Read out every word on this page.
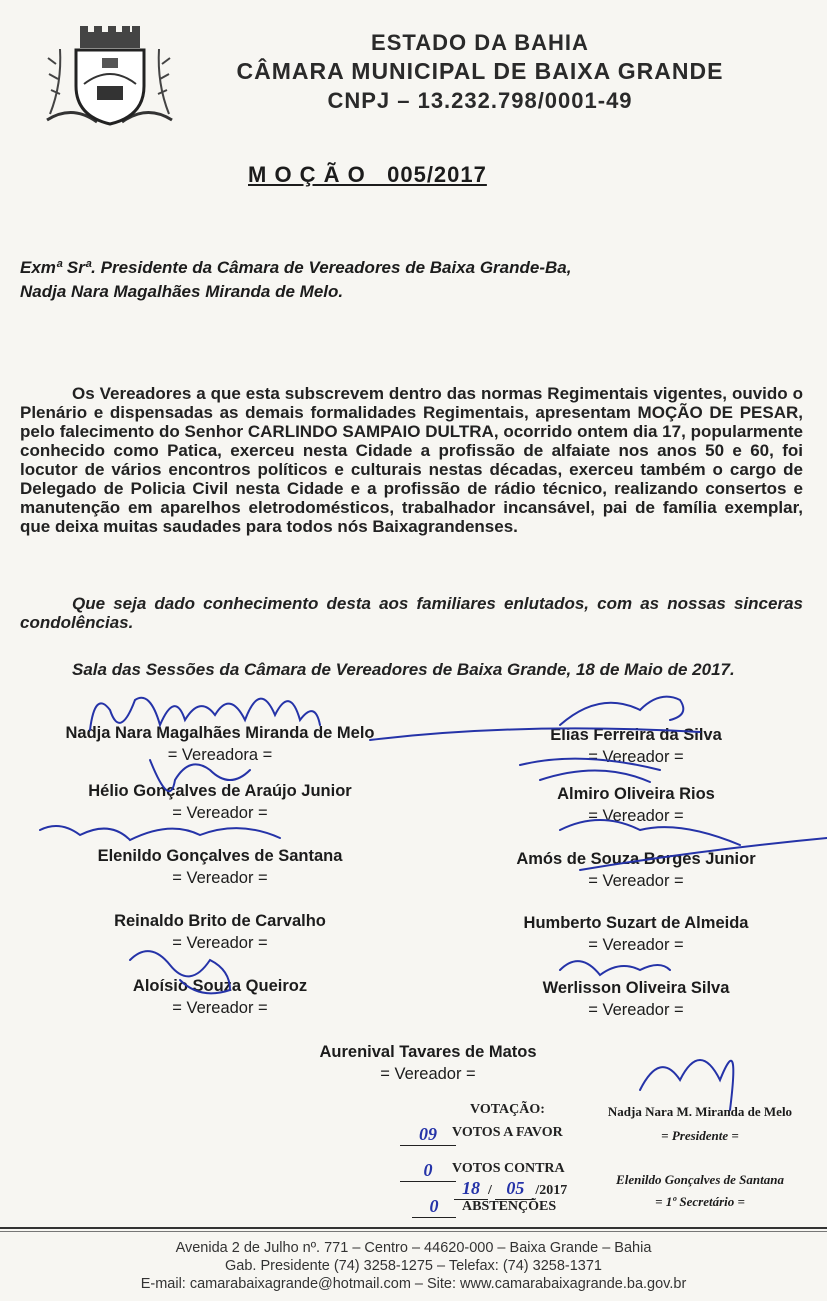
ESTADO DA BAHIA
CÂMARA MUNICIPAL DE BAIXA GRANDE
CNPJ – 13.232.798/0001-49
M O Ç Ã O   005/2017
Exmª Srª. Presidente da Câmara de Vereadores de Baixa Grande-Ba,
Nadja Nara Magalhães Miranda de Melo.
Os Vereadores a que esta subscrevem dentro das normas Regimentais vigentes, ouvido o Plenário e dispensadas as demais formalidades Regimentais, apresentam MOÇÃO DE PESAR, pelo falecimento do Senhor CARLINDO SAMPAIO DULTRA, ocorrido ontem dia 17, popularmente conhecido como Patica, exerceu nesta Cidade a profissão de alfaiate nos anos 50 e 60, foi locutor de vários encontros políticos e culturais nestas décadas, exerceu também o cargo de Delegado de Policia Civil nesta Cidade e a profissão de rádio técnico, realizando consertos e manutenção em aparelhos eletrodomésticos, trabalhador incansável, pai de família exemplar, que deixa muitas saudades para todos nós Baixagrandenses.
Que seja dado conhecimento desta aos familiares enlutados, com as nossas sinceras condolências.
Sala das Sessões da Câmara de Vereadores de Baixa Grande, 18 de Maio de 2017.
Nadja Nara Magalhães Miranda de Melo
= Vereadora =
Elias Ferreira da Silva
= Vereador =
Hélio Gonçalves de Araújo Junior
= Vereador =
Almiro Oliveira Rios
= Vereador =
Elenildo Gonçalves de Santana
= Vereador =
Amós de Souza Borges Junior
= Vereador =
Reinaldo Brito de Carvalho
= Vereador =
Humberto Suzart de Almeida
= Vereador =
Aloísio Souza Queiroz
= Vereador =
Werlisson Oliveira Silva
= Vereador =
Aurenival Tavares de Matos
= Vereador =
VOTAÇÃO:
09	VOTOS A FAVOR
0	VOTOS CONTRA
18 / 05 /2017
0	ABSTENÇÕES
Nadja Nara M. Miranda de Melo
= Presidente =
Elenildo Gonçalves de Santana
= 1º Secretário =
Avenida 2 de Julho nº. 771 – Centro – 44620-000 – Baixa Grande – Bahia
Gab. Presidente (74) 3258-1275 – Telefax: (74) 3258-1371
E-mail: camarabaixagrande@hotmail.com – Site: www.camarabaixagrande.ba.gov.br
